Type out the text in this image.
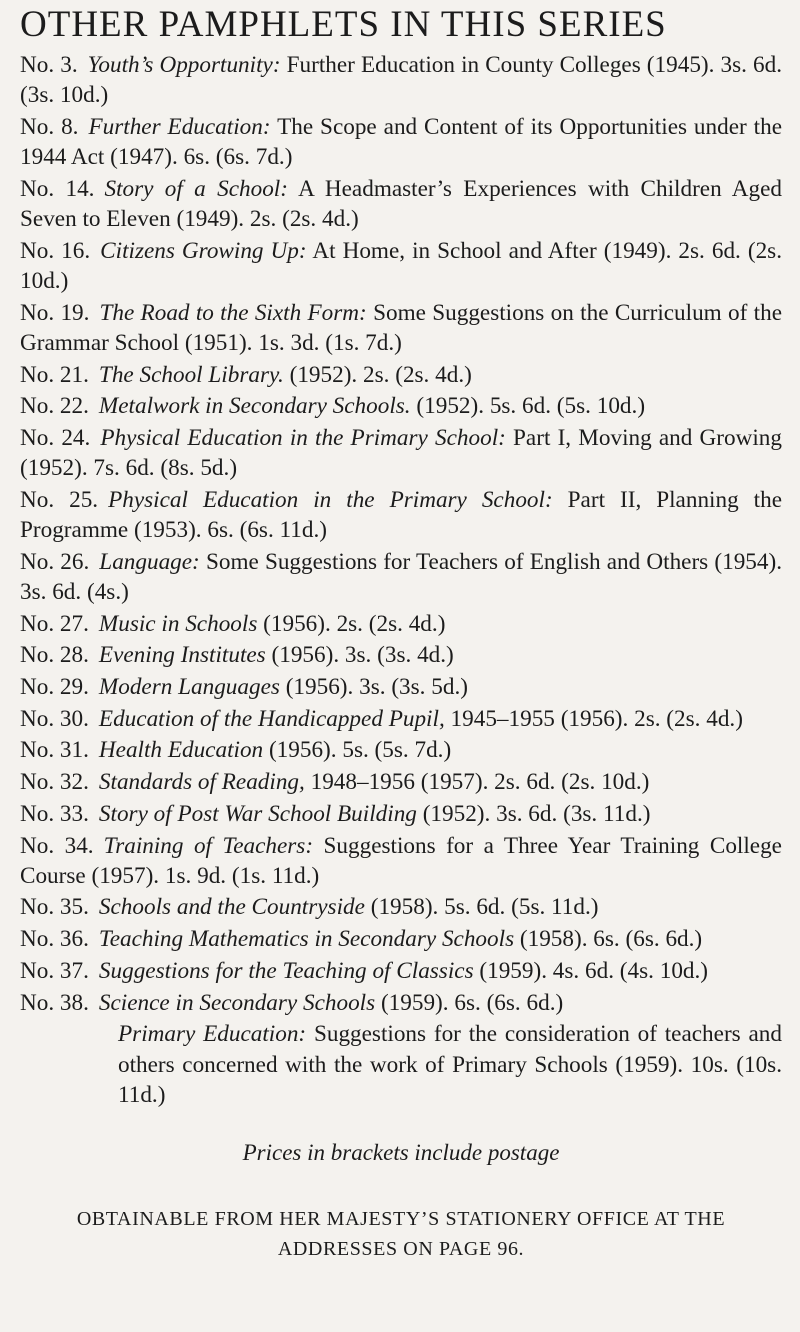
OTHER PAMPHLETS IN THIS SERIES

No. 3. Youth’s Opportunity: Further Education in County Colleges (1945). 3s. 6d. (3s. 10d.)

No. 8. Further Education: The Scope and Content of its Opportunities under the 1944 Act (1947). 6s. (6s. 7d.)

No. 14. Story of a School: A Headmaster’s Experiences with Children Aged Seven to Eleven (1949). 2s. (2s. 4d.)

No. 16. Citizens Growing Up: At Home, in School and After (1949). 2s. 6d. (2s. 10d.)

No. 19. The Road to the Sixth Form: Some Suggestions on the Curriculum of the Grammar School (1951). 1s. 3d. (1s. 7d.)

No. 21. The School Library. (1952). 2s. (2s. 4d.)

No. 22. Metalwork in Secondary Schools. (1952). 5s. 6d. (5s. 10d.)

No. 24. Physical Education in the Primary School: Part I, Moving and Growing (1952). 7s. 6d. (8s. 5d.)

No. 25. Physical Education in the Primary School: Part II, Planning the Programme (1953). 6s. (6s. 11d.)

No. 26. Language: Some Suggestions for Teachers of English and Others (1954). 3s. 6d. (4s.)

No. 27. Music in Schools (1956). 2s. (2s. 4d.)

No. 28. Evening Institutes (1956). 3s. (3s. 4d.)

No. 29. Modern Languages (1956). 3s. (3s. 5d.)

No. 30. Education of the Handicapped Pupil, 1945–1955 (1956). 2s. (2s. 4d.)

No. 31. Health Education (1956). 5s. (5s. 7d.)

No. 32. Standards of Reading, 1948–1956 (1957). 2s. 6d. (2s. 10d.)

No. 33. Story of Post War School Building (1952). 3s. 6d. (3s. 11d.)

No. 34. Training of Teachers: Suggestions for a Three Year Training College Course (1957). 1s. 9d. (1s. 11d.)

No. 35. Schools and the Countryside (1958). 5s. 6d. (5s. 11d.)

No. 36. Teaching Mathematics in Secondary Schools (1958). 6s. (6s. 6d.)

No. 37. Suggestions for the Teaching of Classics (1959). 4s. 6d. (4s. 10d.)

No. 38. Science in Secondary Schools (1959). 6s. (6s. 6d.)

Primary Education: Suggestions for the consideration of teachers and others concerned with the work of Primary Schools (1959). 10s. (10s. 11d.)

Prices in brackets include postage
OBTAINABLE FROM HER MAJESTY’S STATIONERY OFFICE AT THE
ADDRESSES ON PAGE 96.
